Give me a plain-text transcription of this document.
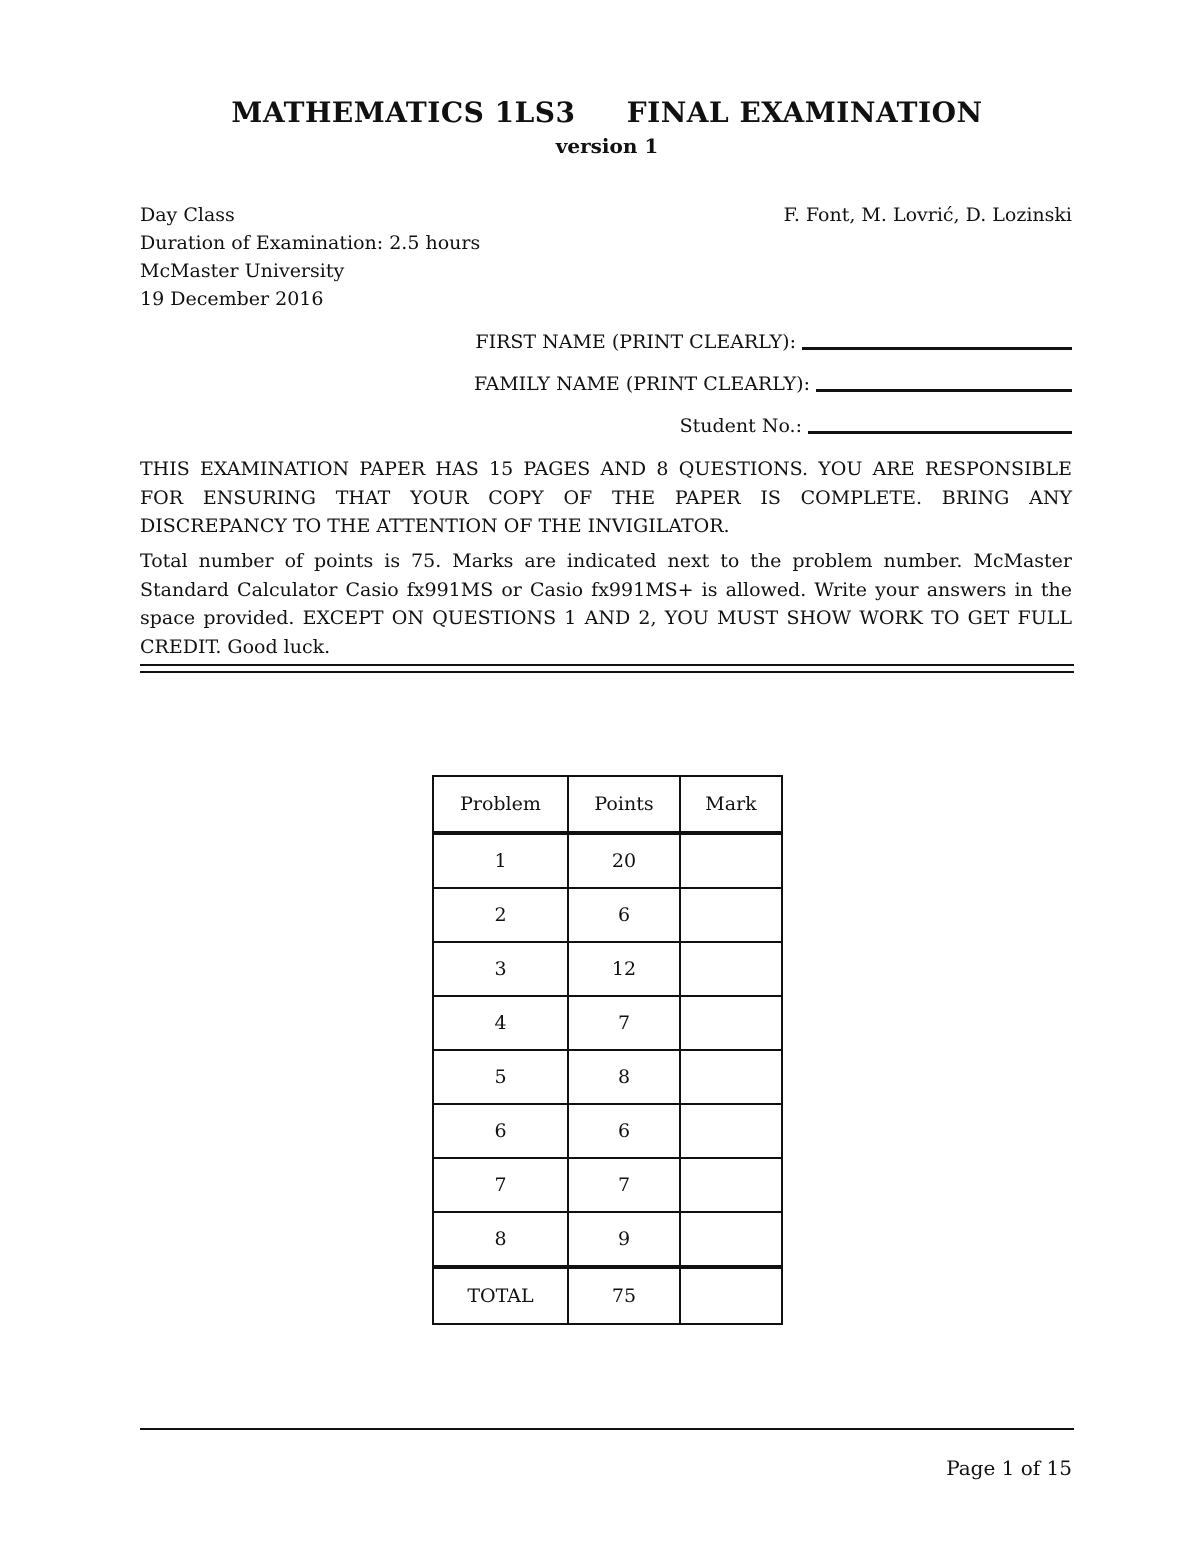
MATHEMATICS 1LS3     FINAL EXAMINATION
version 1
Day Class
Duration of Examination: 2.5 hours
McMaster University
19 December 2016
F. Font, M. Lovrić, D. Lozinski
FIRST NAME (PRINT CLEARLY):
FAMILY NAME (PRINT CLEARLY):
Student No.:
THIS EXAMINATION PAPER HAS 15 PAGES AND 8 QUESTIONS. YOU ARE RESPONSIBLE FOR ENSURING THAT YOUR COPY OF THE PAPER IS COMPLETE. BRING ANY DISCREPANCY TO THE ATTENTION OF THE INVIGILATOR.
Total number of points is 75. Marks are indicated next to the problem number. McMaster Standard Calculator Casio fx991MS or Casio fx991MS+ is allowed. Write your answers in the space provided. EXCEPT ON QUESTIONS 1 AND 2, YOU MUST SHOW WORK TO GET FULL CREDIT. Good luck.
Problem	Points	Mark
1	20	
2	6	
3	12	
4	7	
5	8	
6	6	
7	7	
8	9	
TOTAL	75	
Page 1 of 15
